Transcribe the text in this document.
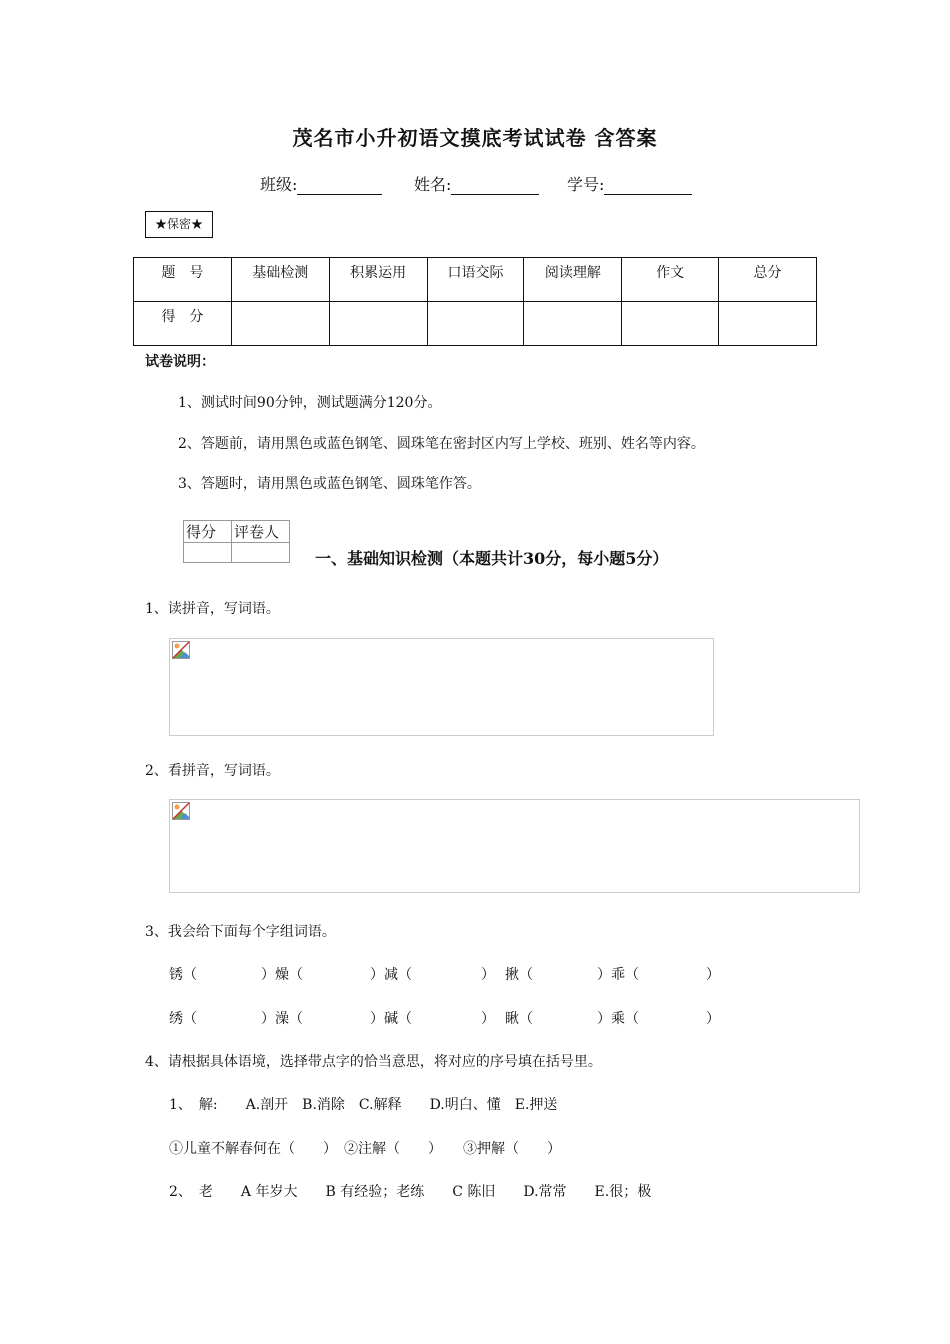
茂名市小升初语文摸底考试试卷 含答案
班级:	姓名:	学号:
★保密★
题　号	基础检测	积累运用	口语交际	阅读理解	作文	总分
得　分						
试卷说明：
1、测试时间90分钟，测试题满分120分。
2、答题前，请用黑色或蓝色钢笔、圆珠笔在密封区内写上学校、班别、姓名等内容。
3、答题时，请用黑色或蓝色钢笔、圆珠笔作答。
得分	评卷人

一、基础知识检测（本题共计30分，每小题5分）
1、读拼音，写词语。
2、看拼音，写词语。
3、我会给下面每个字组词语。
锈（	）燥（	）减（	） 揪（	）乖（	）
绣（	）澡（	）碱（	） 瞅（	）乘（	）
4、请根据具体语境，选择带点字的恰当意思，将对应的序号填在括号里。
1、　解:　　A.剖开　B.消除　C.解释　　D.明白、懂　E.押送
①儿童不解春何在（　　）　②注解（　　）　　③押解（　　）
2、　老　　A 年岁大　　B 有经验；老练　　C 陈旧　　D.常常　　E.很；极
